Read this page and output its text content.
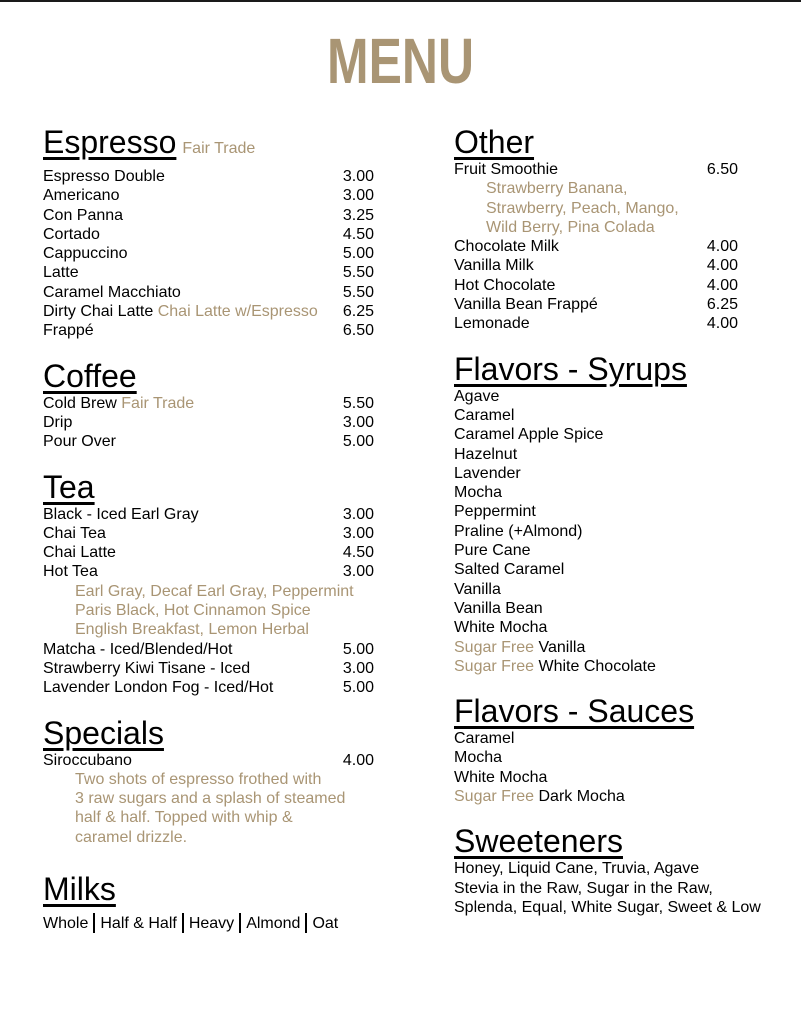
MENU
Espresso Fair Trade
Espresso Double	3.00
Americano	3.00
Con Panna	3.25
Cortado	4.50
Cappuccino	5.00
Latte	5.50
Caramel Macchiato	5.50
Dirty Chai Latte Chai Latte w/Espresso	6.25
Frappé	6.50
Coffee
Cold Brew Fair Trade	5.50
Drip	3.00
Pour Over	5.00
Tea
Black - Iced Earl Gray	3.00
Chai Tea	3.00
Chai Latte	4.50
Hot Tea	3.00
Earl Gray, Decaf Earl Gray, Peppermint
Paris Black, Hot Cinnamon Spice
English Breakfast, Lemon Herbal
Matcha - Iced/Blended/Hot	5.00
Strawberry Kiwi Tisane - Iced	3.00
Lavender London Fog - Iced/Hot	5.00
Specials
Siroccubano	4.00
Two shots of espresso frothed with
3 raw sugars and a splash of steamed
half & half. Topped with whip &
caramel drizzle.
Milks
Whole Half & Half Heavy Almond Oat
Other
Fruit Smoothie	6.50
Strawberry Banana,
Strawberry, Peach, Mango,
Wild Berry, Pina Colada
Chocolate Milk	4.00
Vanilla Milk	4.00
Hot Chocolate	4.00
Vanilla Bean Frappé	6.25
Lemonade	4.00
Flavors - Syrups
Agave
Caramel
Caramel Apple Spice
Hazelnut
Lavender
Mocha
Peppermint
Praline (+Almond)
Pure Cane
Salted Caramel
Vanilla
Vanilla Bean
White Mocha
Sugar Free Vanilla
Sugar Free White Chocolate
Flavors - Sauces
Caramel
Mocha
White Mocha
Sugar Free Dark Mocha
Sweeteners
Honey, Liquid Cane, Truvia, Agave
Stevia in the Raw, Sugar in the Raw,
Splenda, Equal, White Sugar, Sweet & Low
